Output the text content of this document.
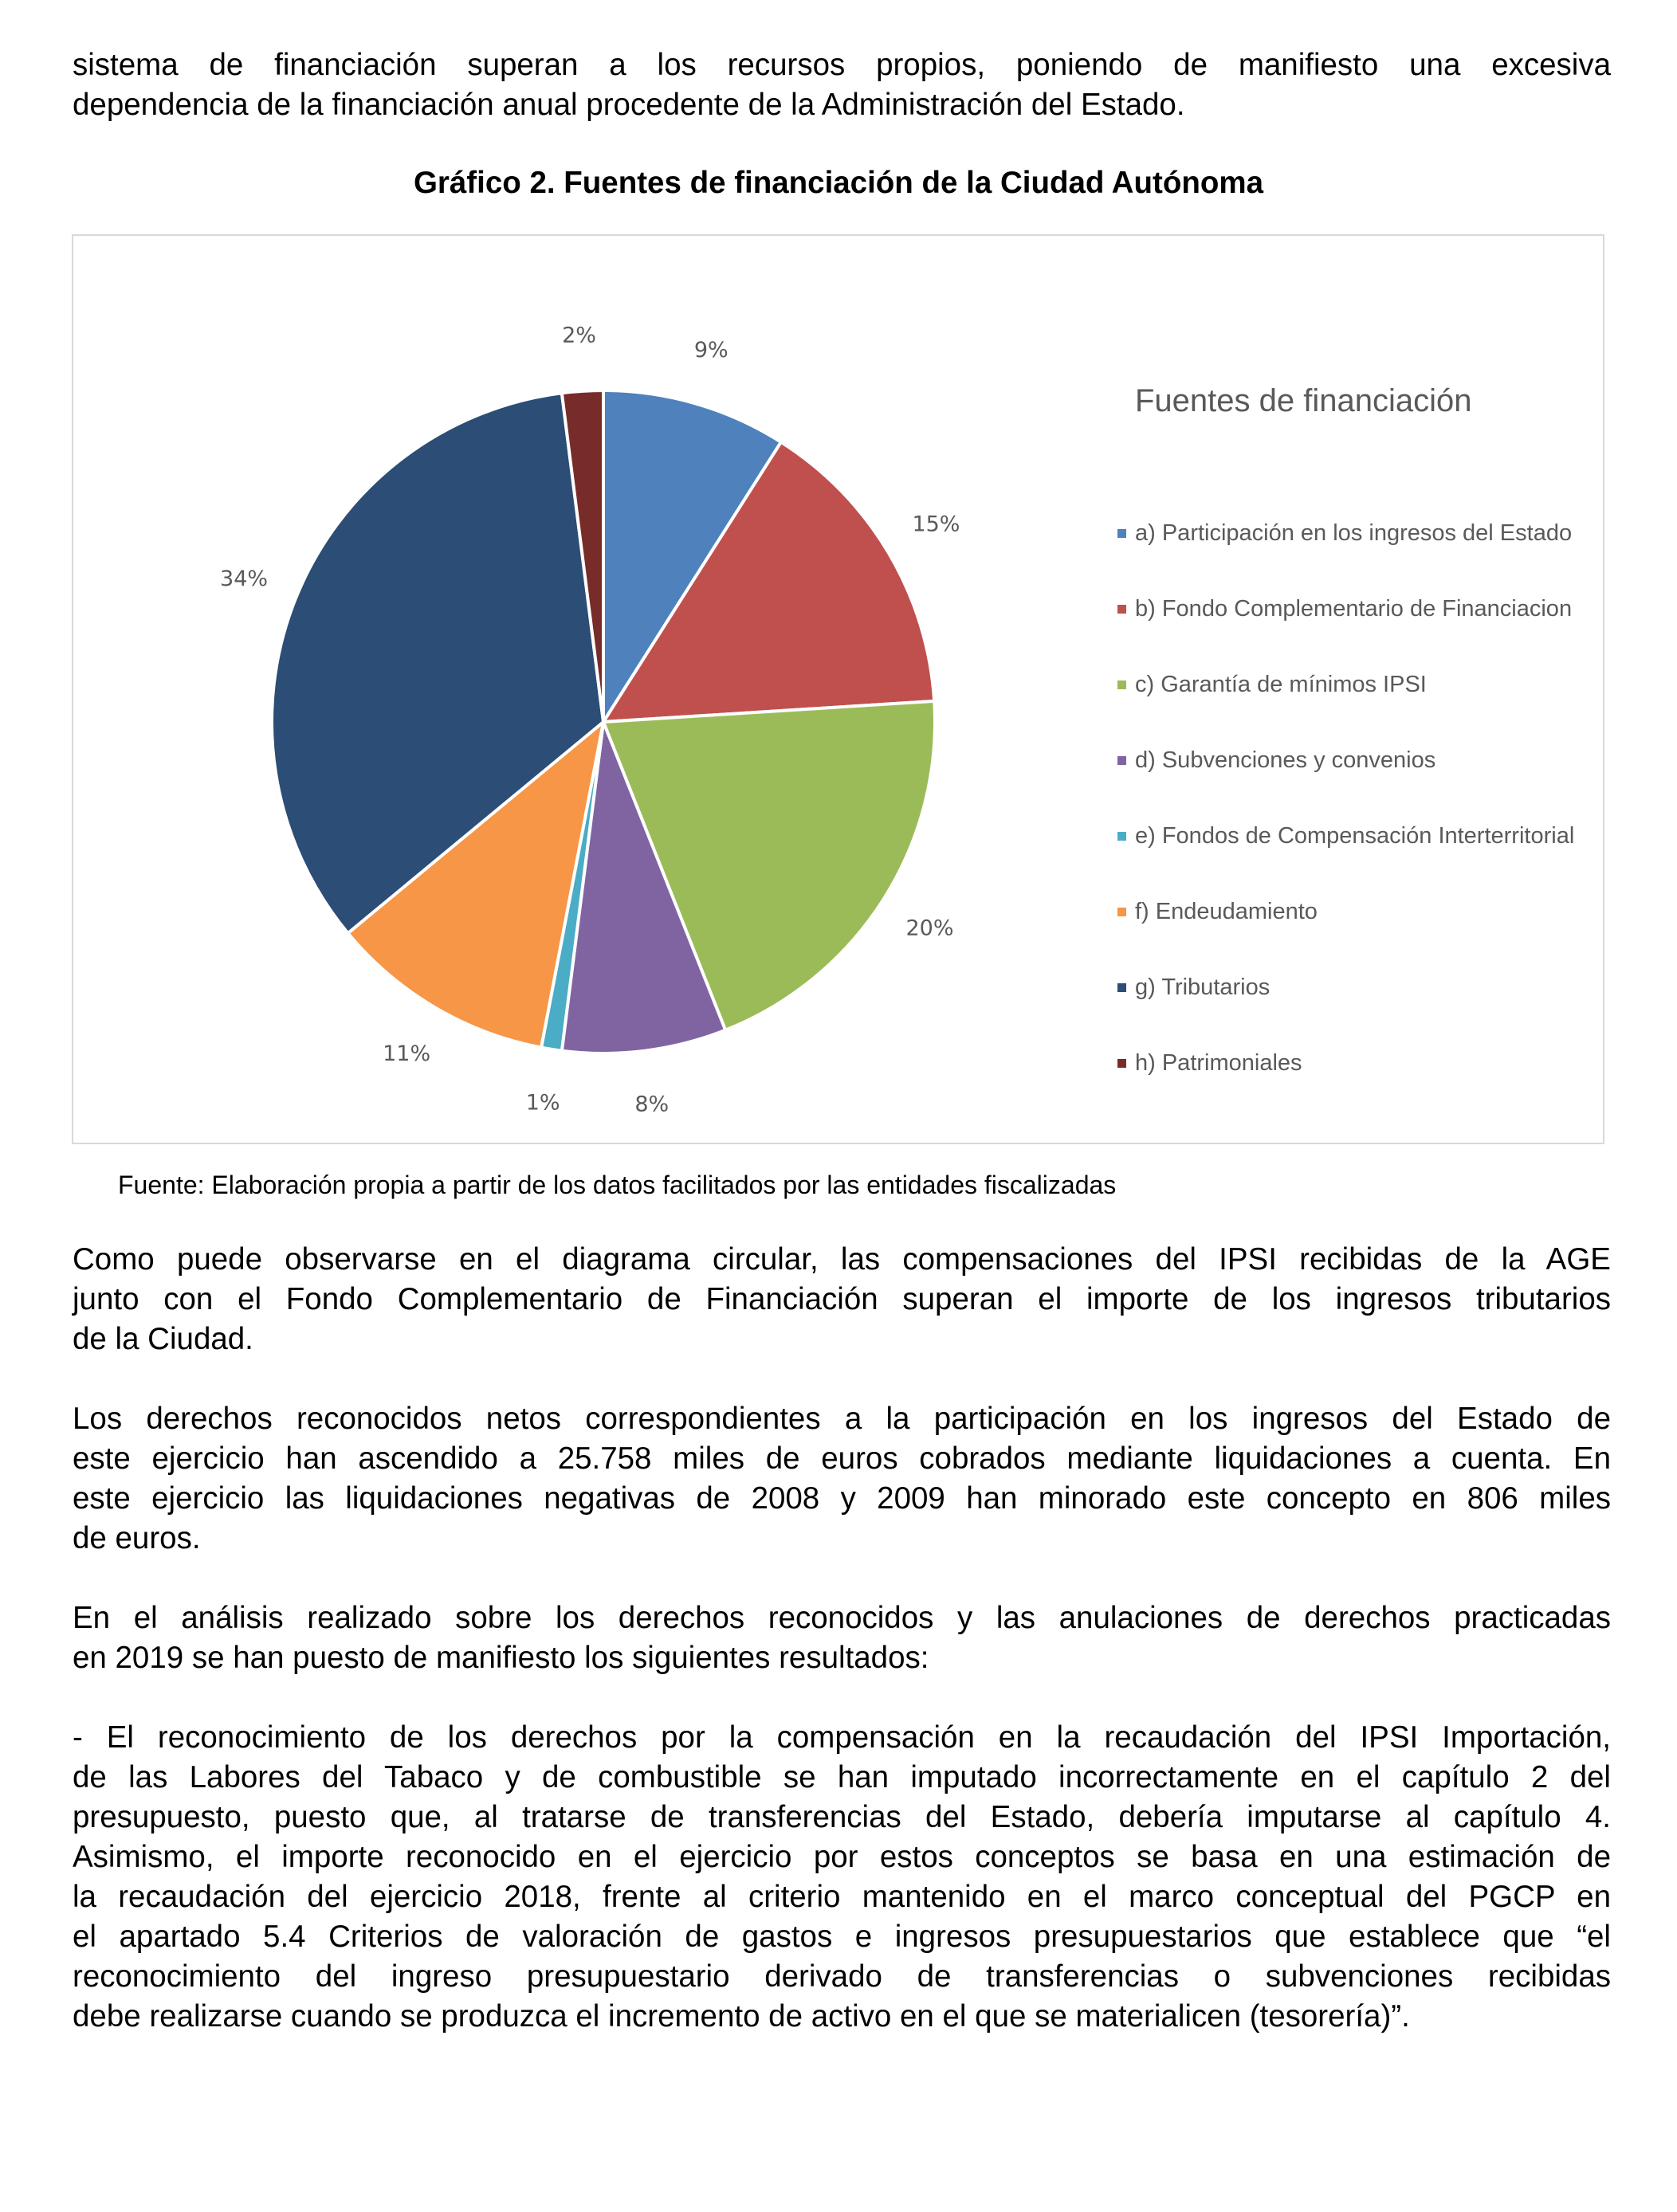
sistema de financiación superan a los recursos propios, poniendo de manifiesto una excesiva
dependencia de la financiación anual procedente de la Administración del Estado.
Gráfico 2. Fuentes de financiación de la Ciudad Autónoma
9%
15%
20%
8%
1%
11%
34%
2%
Fuentes de financiación
a) Participación en los ingresos del Estado
b) Fondo Complementario de Financiacion
c) Garantía de mínimos IPSI
d) Subvenciones y convenios
e) Fondos de Compensación Interterritorial
f) Endeudamiento
g) Tributarios
h) Patrimoniales
Fuente: Elaboración propia a partir de los datos facilitados por las entidades fiscalizadas
Como puede observarse en el diagrama circular, las compensaciones del IPSI recibidas de la AGE
junto con el Fondo Complementario de Financiación superan el importe de los ingresos tributarios
de la Ciudad.
Los derechos reconocidos netos correspondientes a la participación en los ingresos del Estado de
este ejercicio han ascendido a 25.758 miles de euros cobrados mediante liquidaciones a cuenta. En
este ejercicio las liquidaciones negativas de 2008 y 2009 han minorado este concepto en 806 miles
de euros.
En el análisis realizado sobre los derechos reconocidos y las anulaciones de derechos practicadas
en 2019 se han puesto de manifiesto los siguientes resultados:
- El reconocimiento de los derechos por la compensación en la recaudación del IPSI Importación,
de las Labores del Tabaco y de combustible se han imputado incorrectamente en el capítulo 2 del
presupuesto, puesto que, al tratarse de transferencias del Estado, debería imputarse al capítulo 4.
Asimismo, el importe reconocido en el ejercicio por estos conceptos se basa en una estimación de
la recaudación del ejercicio 2018, frente al criterio mantenido en el marco conceptual del PGCP en
el apartado 5.4 Criterios de valoración de gastos e ingresos presupuestarios que establece que “el
reconocimiento del ingreso presupuestario derivado de transferencias o subvenciones recibidas
debe realizarse cuando se produzca el incremento de activo en el que se materialicen (tesorería)”.
